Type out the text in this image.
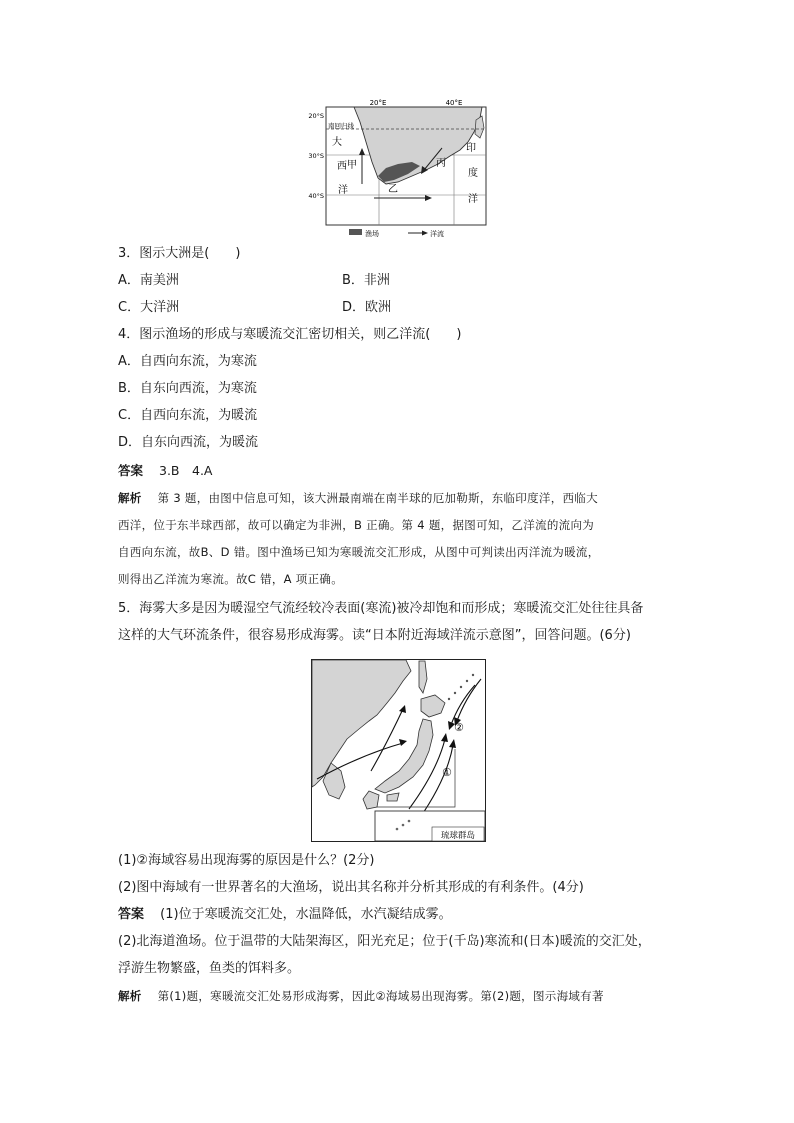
20°E	40°E
20°S
30°S
40°S
南回归线
大
西
洋
印
度
洋
甲
乙
丙
渔场	洋流
3．图示大洲是(　　)
A．南美洲	B．非洲
C．大洋洲	D．欧洲
4．图示渔场的形成与寒暖流交汇密切相关，则乙洋流(　　)
A．自西向东流，为寒流
B．自东向西流，为寒流
C．自西向东流，为暖流
D．自东向西流，为暖流
答案 3.B　4.A
解析 第 3 题，由图中信息可知，该大洲最南端在南半球的厄加勒斯，东临印度洋，西临大
西洋，位于东半球西部，故可以确定为非洲，B 正确。第 4 题，据图可知，乙洋流的流向为
自西向东流，故B、D 错。图中渔场已知为寒暖流交汇形成，从图中可判读出丙洋流为暖流，
则得出乙洋流为寒流。故C 错，A 项正确。
5．海雾大多是因为暖湿空气流经较冷表面(寒流)被冷却饱和而形成；寒暖流交汇处往往具备
这样的大气环流条件，很容易形成海雾。读“日本附近海域洋流示意图”，回答问题。(6分)
①
②
琉球群岛
(1)②海域容易出现海雾的原因是什么？(2分)
(2)图中海域有一世界著名的大渔场，说出其名称并分析其形成的有利条件。(4分)
答案 (1)位于寒暖流交汇处，水温降低，水汽凝结成雾。
(2)北海道渔场。位于温带的大陆架海区，阳光充足；位于(千岛)寒流和(日本)暖流的交汇处，
浮游生物繁盛，鱼类的饵料多。
解析 第(1)题，寒暖流交汇处易形成海雾，因此②海域易出现海雾。第(2)题，图示海域有著
